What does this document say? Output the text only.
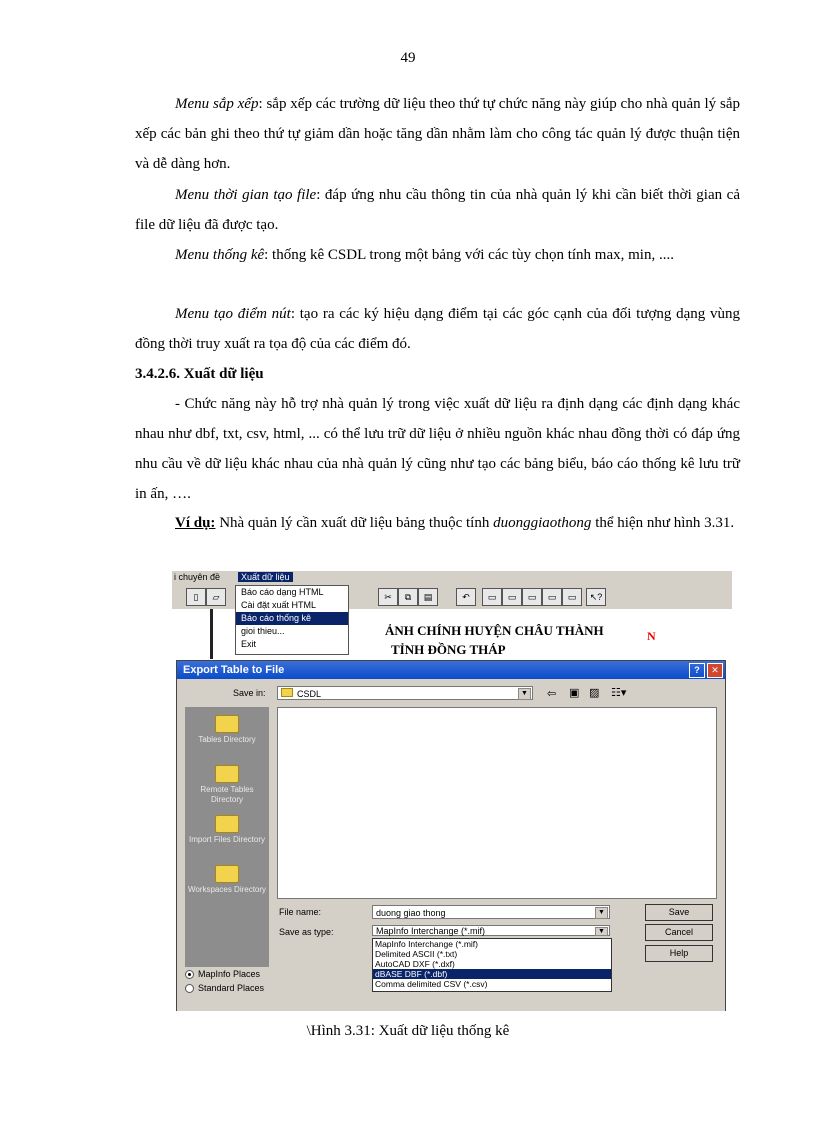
49
Menu sắp xếp: sắp xếp các trường dữ liệu theo thứ tự chức năng này giúp cho nhà quản lý sắp xếp các bản ghi theo thứ tự giảm dần hoặc tăng dần nhằm làm cho công tác quản lý được thuận tiện và dễ dàng hơn.
Menu thời gian tạo file: đáp ứng nhu cầu thông tin của nhà quản lý khi cần biết thời gian cả file dữ liệu đã được tạo.
Menu thống kê: thống kê CSDL trong một bảng với các tùy chọn tính max, min, ....
Menu tạo điểm nút: tạo ra các ký hiệu dạng điểm tại các góc cạnh của đối tượng dạng vùng đồng thời truy xuất ra tọa độ của các điểm đó.
3.4.2.6. Xuất dữ liệu
- Chức năng này hỗ trợ nhà quản lý trong việc xuất dữ liệu ra định dạng các định dạng khác nhau như dbf, txt, csv, html, ... có thể lưu trữ dữ liệu ở nhiều nguồn khác nhau đồng thời có đáp ứng nhu cầu về dữ liệu khác nhau của nhà quản lý cũng như tạo các bảng biểu, báo cáo thống kê lưu trữ in ấn, ….
Ví dụ: Nhà quản lý cần xuất dữ liệu bảng thuộc tính duonggiaothong thể hiện như hình 3.31.
i chuyên đề	Xuất dữ liệu
▯	▱	✂	⧉	▤	↶	▭	▭	▭	▭	▭	↖?
ẢNH CHÍNH HUYỆN CHÂU THÀNH
TỈNH ĐỒNG THÁP
N
Báo cáo dạng HTML
Cài đặt xuất HTML
Báo cáo thống kê
gioi thieu...
Exit
Export Table to File	?	✕
Save in:	CSDL	▼ ⇦ ▣ ▨ ☷▾
Tables Directory
Remote Tables Directory
Import Files Directory
Workspaces Directory
File name:	duong giao thong	▼
Save as type:	MapInfo Interchange (*.mif)	▼
MapInfo Interchange (*.mif)
Delimited ASCII (*.txt)
AutoCAD DXF (*.dxf)
dBASE DBF (*.dbf)
Comma delimited CSV (*.csv)
Save
Cancel
Help
MapInfo Places
Standard Places
\Hình 3.31: Xuất dữ liệu thống kê
